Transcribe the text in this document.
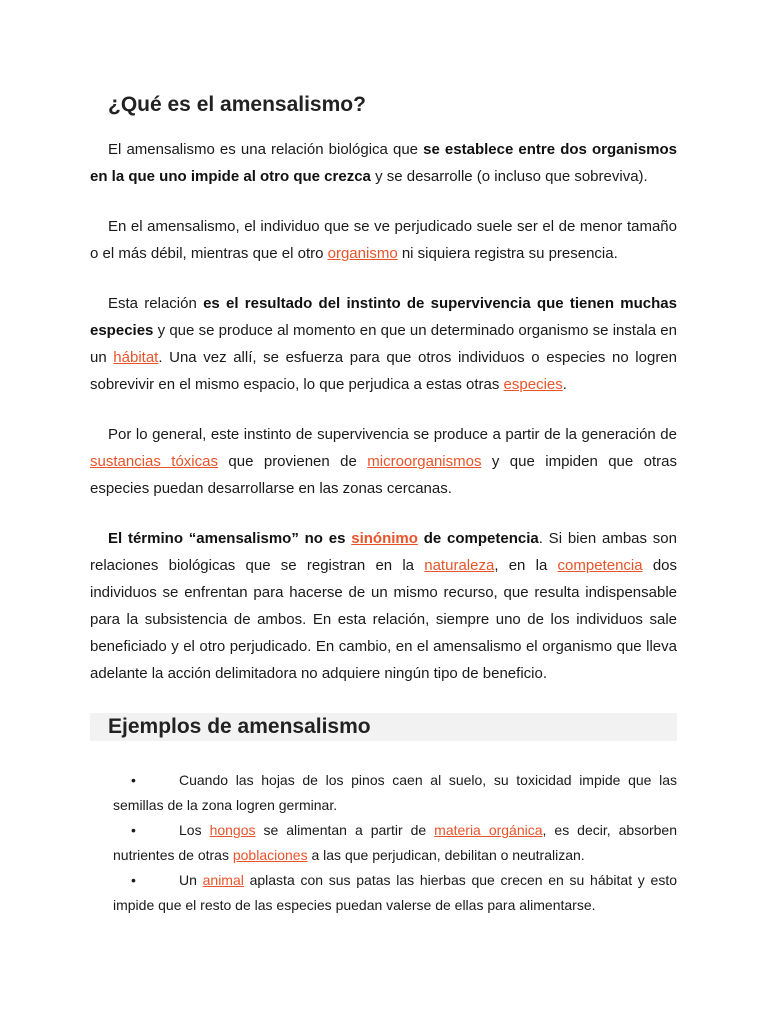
¿Qué es el amensalismo?

El amensalismo es una relación biológica que se establece entre dos organismos en la que uno impide al otro que crezca y se desarrolle (o incluso que sobreviva).

En el amensalismo, el individuo que se ve perjudicado suele ser el de menor tamaño o el más débil, mientras que el otro organismo ni siquiera registra su presencia.

Esta relación es el resultado del instinto de supervivencia que tienen muchas especies y que se produce al momento en que un determinado organismo se instala en un hábitat. Una vez allí, se esfuerza para que otros individuos o especies no logren sobrevivir en el mismo espacio, lo que perjudica a estas otras especies.

Por lo general, este instinto de supervivencia se produce a partir de la generación de sustancias tóxicas que provienen de microorganismos y que impiden que otras especies puedan desarrollarse en las zonas cercanas.

El término “amensalismo” no es sinónimo de competencia. Si bien ambas son relaciones biológicas que se registran en la naturaleza, en la competencia dos individuos se enfrentan para hacerse de un mismo recurso, que resulta indispensable para la subsistencia de ambos. En esta relación, siempre uno de los individuos sale beneficiado y el otro perjudicado. En cambio, en el amensalismo el organismo que lleva adelante la acción delimitadora no adquiere ningún tipo de beneficio.

Ejemplos de amensalismo
•	Cuando las hojas de los pinos caen al suelo, su toxicidad impide que las semillas de la zona logren germinar.
•	Los hongos se alimentan a partir de materia orgánica, es decir, absorben nutrientes de otras poblaciones a las que perjudican, debilitan o neutralizan.
•	Un animal aplasta con sus patas las hierbas que crecen en su hábitat y esto impide que el resto de las especies puedan valerse de ellas para alimentarse.
